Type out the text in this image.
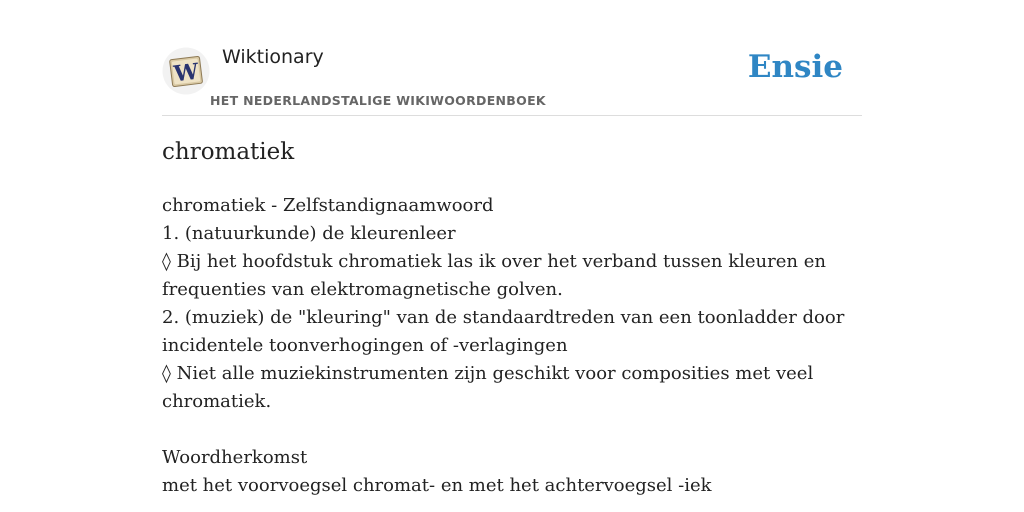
W
Wiktionary
HET NEDERLANDSTALIGE WIKIWOORDENBOEK
Ensie
chromatiek
chromatiek - Zelfstandignaamwoord
1. (natuurkunde) de kleurenleer
◊ Bij het hoofdstuk chromatiek las ik over het verband tussen kleuren en
frequenties van elektromagnetische golven.
2. (muziek) de "kleuring" van de standaardtreden van een toonladder door
incidentele toonverhogingen of -verlagingen
◊ Niet alle muziekinstrumenten zijn geschikt voor composities met veel
chromatiek.
Woordherkomst
met het voorvoegsel chromat- en met het achtervoegsel -iek
